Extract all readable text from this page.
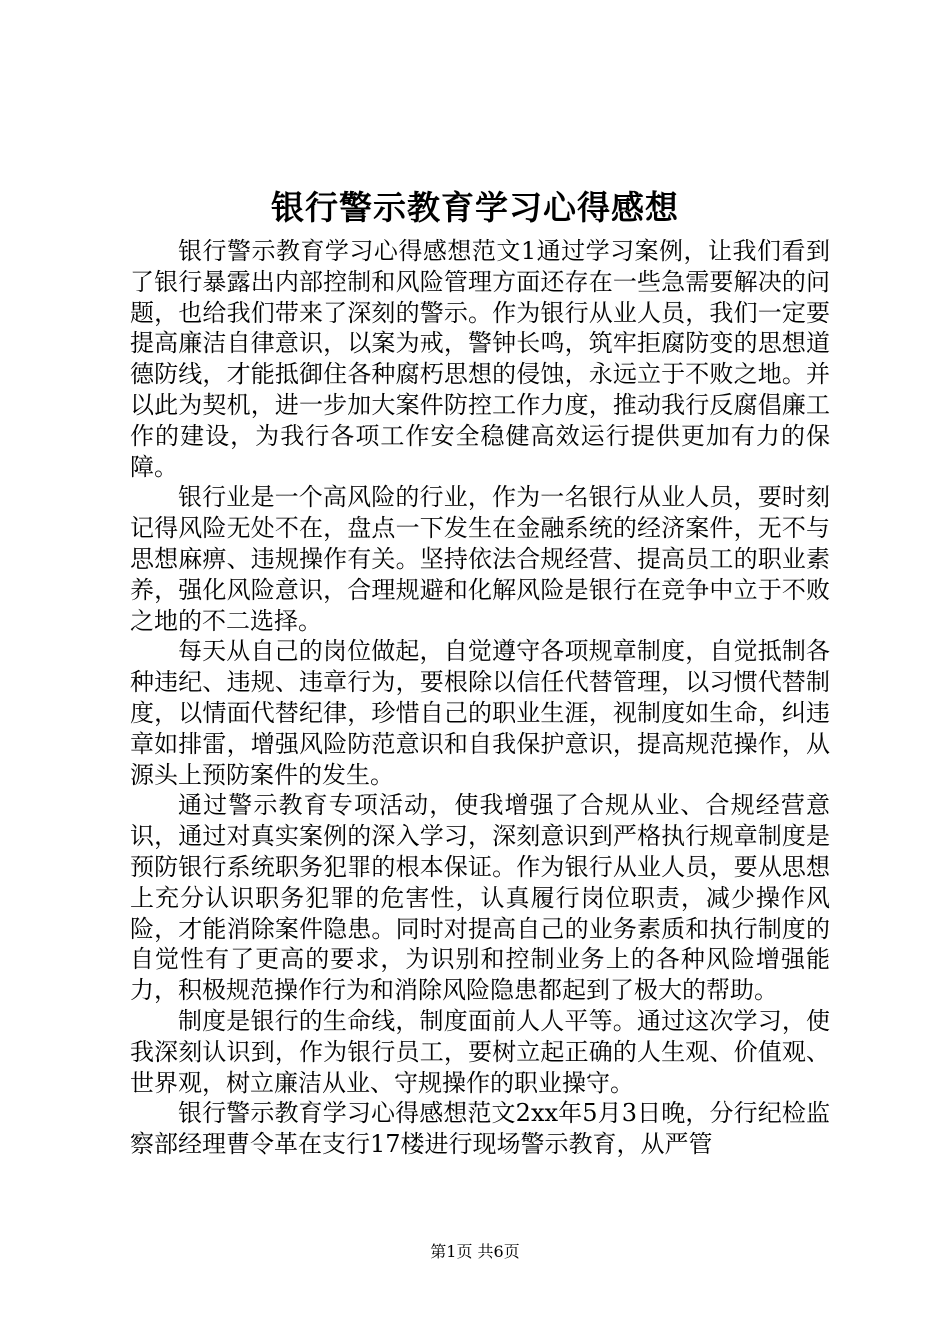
银行警示教育学习心得感想

银行警示教育学习心得感想范文1通过学习案例，让我们看到了银行暴露出内部控制和风险管理方面还存在一些急需要解决的问题，也给我们带来了深刻的警示。作为银行从业人员，我们一定要提高廉洁自律意识，以案为戒，警钟长鸣，筑牢拒腐防变的思想道德防线，才能抵御住各种腐朽思想的侵蚀，永远立于不败之地。并以此为契机，进一步加大案件防控工作力度，推动我行反腐倡廉工作的建设，为我行各项工作安全稳健高效运行提供更加有力的保障。

银行业是一个高风险的行业，作为一名银行从业人员，要时刻记得风险无处不在，盘点一下发生在金融系统的经济案件，无不与思想麻痹、违规操作有关。坚持依法合规经营、提高员工的职业素养，强化风险意识，合理规避和化解风险是银行在竞争中立于不败之地的不二选择。

每天从自己的岗位做起，自觉遵守各项规章制度，自觉抵制各种违纪、违规、违章行为，要根除以信任代替管理，以习惯代替制度，以情面代替纪律，珍惜自己的职业生涯，视制度如生命，纠违章如排雷，增强风险防范意识和自我保护意识，提高规范操作，从源头上预防案件的发生。

通过警示教育专项活动，使我增强了合规从业、合规经营意识，通过对真实案例的深入学习，深刻意识到严格执行规章制度是预防银行系统职务犯罪的根本保证。作为银行从业人员，要从思想上充分认识职务犯罪的危害性，认真履行岗位职责，减少操作风险，才能消除案件隐患。同时对提高自己的业务素质和执行制度的自觉性有了更高的要求，为识别和控制业务上的各种风险增强能力，积极规范操作行为和消除风险隐患都起到了极大的帮助。

制度是银行的生命线，制度面前人人平等。通过这次学习，使我深刻认识到，作为银行员工，要树立起正确的人生观、价值观、世界观，树立廉洁从业、守规操作的职业操守。

银行警示教育学习心得感想范文2xx年5月3日晚，分行纪检监察部经理曹令革在支行17楼进行现场警示教育，从严管

第1页 共6页
